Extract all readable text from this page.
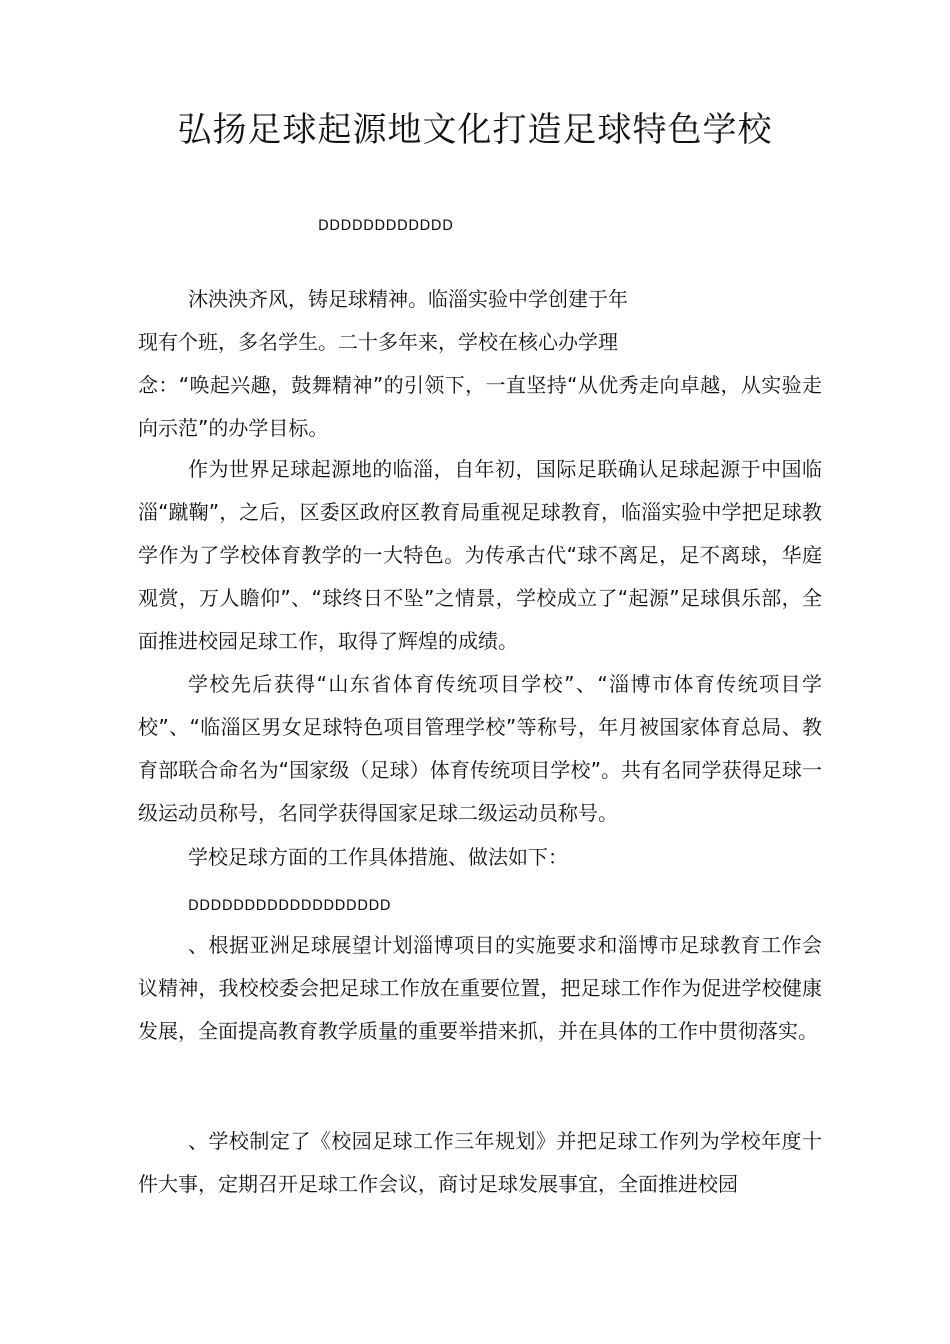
弘扬足球起源地文化打造足球特色学校
DDDDDDDDDDDD
沐泱泱齐风，铸足球精神。临淄实验中学创建于年
现有个班，多名学生。二十多年来，学校在核心办学理
念：“唤起兴趣，鼓舞精神”的引领下，一直坚持“从优秀走向卓越，从实验走向示范”的办学目标。

作为世界足球起源地的临淄，自年初，国际足联确认足球起源于中国临淄“蹴鞠”，之后，区委区政府区教育局重视足球教育，临淄实验中学把足球教学作为了学校体育教学的一大特色。为传承古代“球不离足，足不离球，华庭观赏，万人瞻仰”、“球终日不坠”之情景，学校成立了“起源”足球俱乐部，全面推进校园足球工作，取得了辉煌的成绩。

学校先后获得“山东省体育传统项目学校”、“淄博市体育传统项目学校”、“临淄区男女足球特色项目管理学校”等称号，年月被国家体育总局、教育部联合命名为“国家级（足球）体育传统项目学校”。共有名同学获得足球一级运动员称号，名同学获得国家足球二级运动员称号。

学校足球方面的工作具体措施、做法如下：

DDDDDDDDDDDDDDDDDD

、根据亚洲足球展望计划淄博项目的实施要求和淄博市足球教育工作会议精神，我校校委会把足球工作放在重要位置，把足球工作作为促进学校健康发展，全面提高教育教学质量的重要举措来抓，并在具体的工作中贯彻落实。

、学校制定了《校园足球工作三年规划》并把足球工作列为学校年度十件大事，定期召开足球工作会议，商讨足球发展事宜，全面推进校园
